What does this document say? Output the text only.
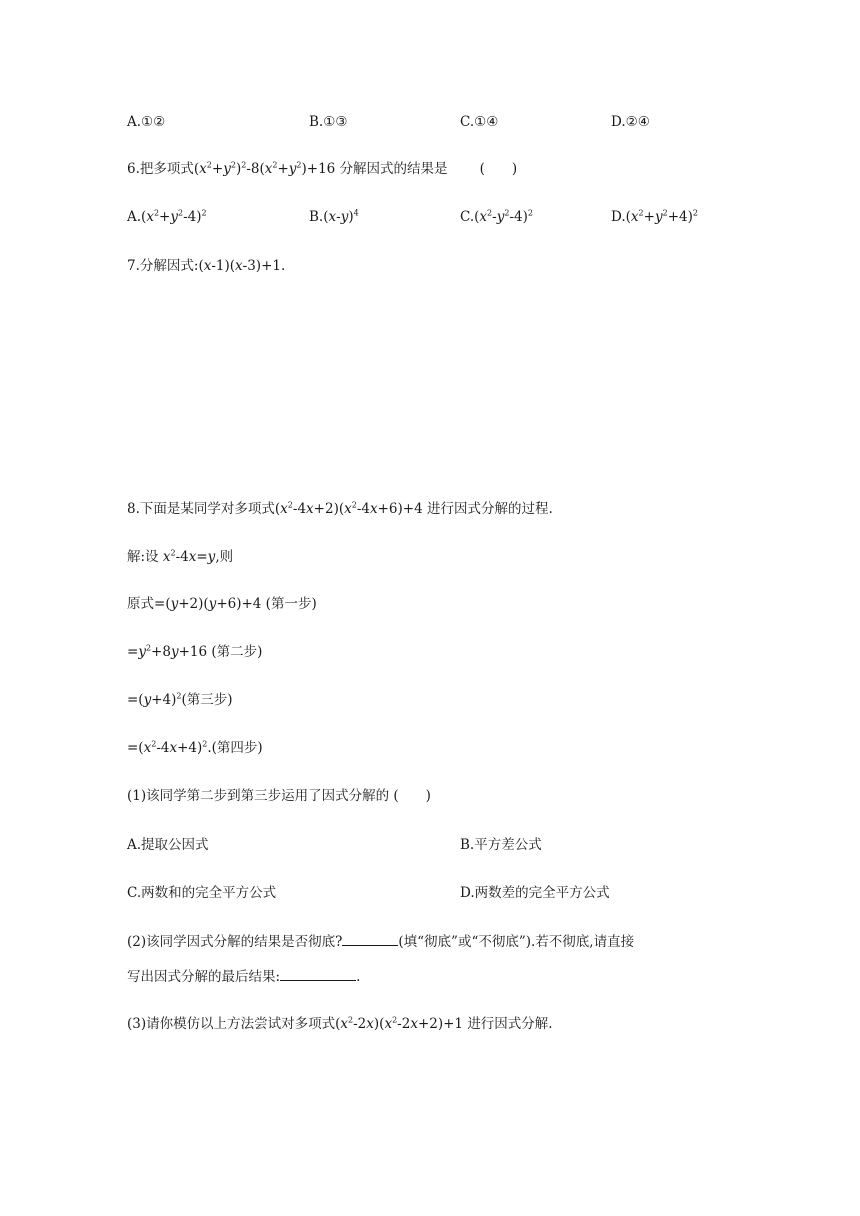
A.①②	B.①③	C.①④	D.②④
6.把多项式$(x^2+y^2)^2-8(x^2+y^2)+16$ 分解因式的结果是 (　　)
$A.(x^2+y^2-4)^2$	$B.(x-y)^4$	$C.(x^2-y^2-4)^2$	$D.(x^2+y^2+4)^2$
7.分解因式:(x-1)(x-3)+1.
8.下面是某同学对多项式$(x^2-4x+2)(x^2-4x+6)+4$ 进行因式分解的过程.
解:设 $x^2-4x=y$,则
原式=(y+2)(y+6)+4 (第一步)
$=y^2+8y+16$ (第二步)
$=(y+4)^2$(第三步)
$=(x^2-4x+4)^2$.(第四步)
(1)该同学第二步到第三步运用了因式分解的 (　　)
A.提取公因式	B.平方差公式
C.两数和的完全平方公式	D.两数差的完全平方公式
(2)该同学因式分解的结果是否彻底?	(填“彻底”或“不彻底”).若不彻底,请直接
写出因式分解的最后结果:	.
(3)请你模仿以上方法尝试对多项式$(x^2-2x)(x^2-2x+2)+1$ 进行因式分解.
